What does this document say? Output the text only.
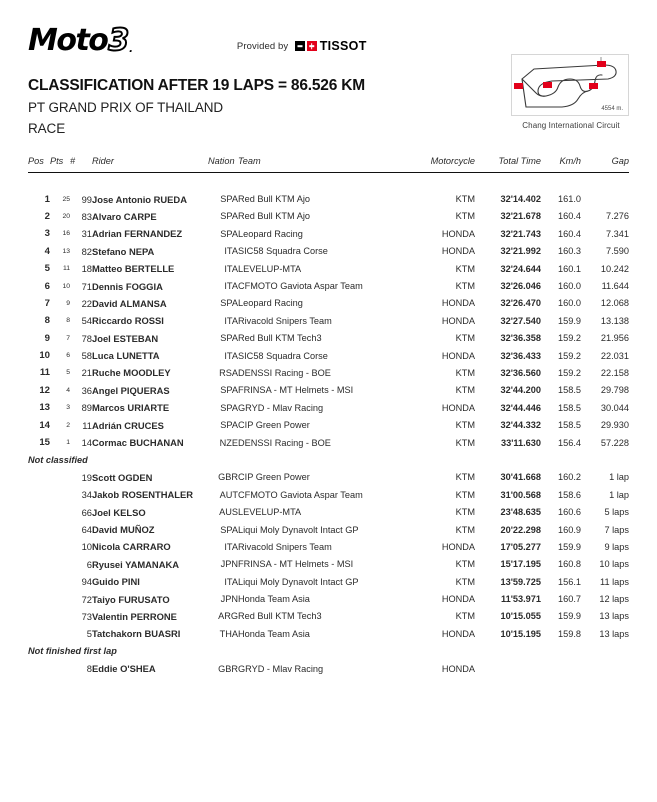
Moto 3 .	Provided by	TISSOT
CLASSIFICATION AFTER 19 LAPS = 86.526 KM
PT GRAND PRIX OF THAILAND
RACE
4554 m.
Chang International Circuit
Pos	Pts	#	Rider	Nation	Team	Motorcycle	Total Time	Km/h	Gap

1	25	99	Jose Antonio RUEDA	SPA	Red Bull KTM Ajo	KTM	32'14.402	161.0	
2	20	83	Alvaro CARPE	SPA	Red Bull KTM Ajo	KTM	32'21.678	160.4	7.276
3	16	31	Adrian FERNANDEZ	SPA	Leopard Racing	HONDA	32'21.743	160.4	7.341
4	13	82	Stefano NEPA	ITA	SIC58 Squadra Corse	HONDA	32'21.992	160.3	7.590
5	11	18	Matteo BERTELLE	ITA	LEVELUP-MTA	KTM	32'24.644	160.1	10.242
6	10	71	Dennis FOGGIA	ITA	CFMOTO Gaviota Aspar Team	KTM	32'26.046	160.0	11.644
7	9	22	David ALMANSA	SPA	Leopard Racing	HONDA	32'26.470	160.0	12.068
8	8	54	Riccardo ROSSI	ITA	Rivacold Snipers Team	HONDA	32'27.540	159.9	13.138
9	7	78	Joel ESTEBAN	SPA	Red Bull KTM Tech3	KTM	32'36.358	159.2	21.956
10	6	58	Luca LUNETTA	ITA	SIC58 Squadra Corse	HONDA	32'36.433	159.2	22.031
11	5	21	Ruche MOODLEY	RSA	DENSSI Racing - BOE	KTM	32'36.560	159.2	22.158
12	4	36	Angel PIQUERAS	SPA	FRINSA - MT Helmets - MSI	KTM	32'44.200	158.5	29.798
13	3	89	Marcos URIARTE	SPA	GRYD - Mlav Racing	HONDA	32'44.446	158.5	30.044
14	2	11	Adrián CRUCES	SPA	CIP Green Power	KTM	32'44.332	158.5	29.930
15	1	14	Cormac BUCHANAN	NZE	DENSSI Racing - BOE	KTM	33'11.630	156.4	57.228
Not classified									
		19	Scott OGDEN	GBR	CIP Green Power	KTM	30'41.668	160.2	1 lap
		34	Jakob ROSENTHALER	AUT	CFMOTO Gaviota Aspar Team	KTM	31'00.568	158.6	1 lap
		66	Joel KELSO	AUS	LEVELUP-MTA	KTM	23'48.635	160.6	5 laps
		64	David MUÑOZ	SPA	Liqui Moly Dynavolt Intact GP	KTM	20'22.298	160.9	7 laps
		10	Nicola CARRARO	ITA	Rivacold Snipers Team	HONDA	17'05.277	159.9	9 laps
		6	Ryusei YAMANAKA	JPN	FRINSA - MT Helmets - MSI	KTM	15'17.195	160.8	10 laps
		94	Guido PINI	ITA	Liqui Moly Dynavolt Intact GP	KTM	13'59.725	156.1	11 laps
		72	Taiyo FURUSATO	JPN	Honda Team Asia	HONDA	11'53.971	160.7	12 laps
		73	Valentin PERRONE	ARG	Red Bull KTM Tech3	KTM	10'15.055	159.9	13 laps
		5	Tatchakorn BUASRI	THA	Honda Team Asia	HONDA	10'15.195	159.8	13 laps
Not finished first lap									
		8	Eddie O'SHEA	GBR	GRYD - Mlav Racing	HONDA			
